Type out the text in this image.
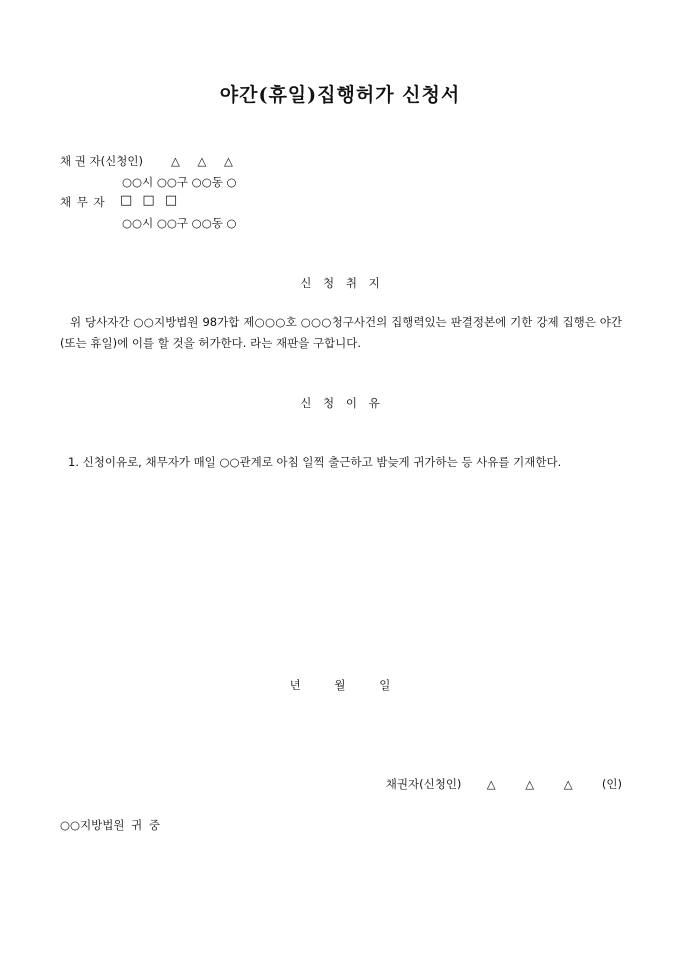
야간(휴일)집행허가 신청서
채 권 자(신청인) △ △ △
○○시 ○○구 ○○동 ○
채 무 자 □ □ □
○○시 ○○구 ○○동 ○
신 청 취 지
위 당사자간 ○○지방법원 98가합 제○○○호 ○○○청구사건의 집행력있는 판결정본에 기한 강제 집행은 야간(또는 휴일)에 이를 할 것을 허가한다. 라는 재판을 구합니다.
신 청 이 유
1. 신청이유로, 채무자가 매일 ○○관계로 아침 일찍 출근하고 밤늦게 귀가하는 등 사유를 기재한다.
년 월 일
채권자(신청인) △ △ △	(인)
○○지방법원 귀 중
